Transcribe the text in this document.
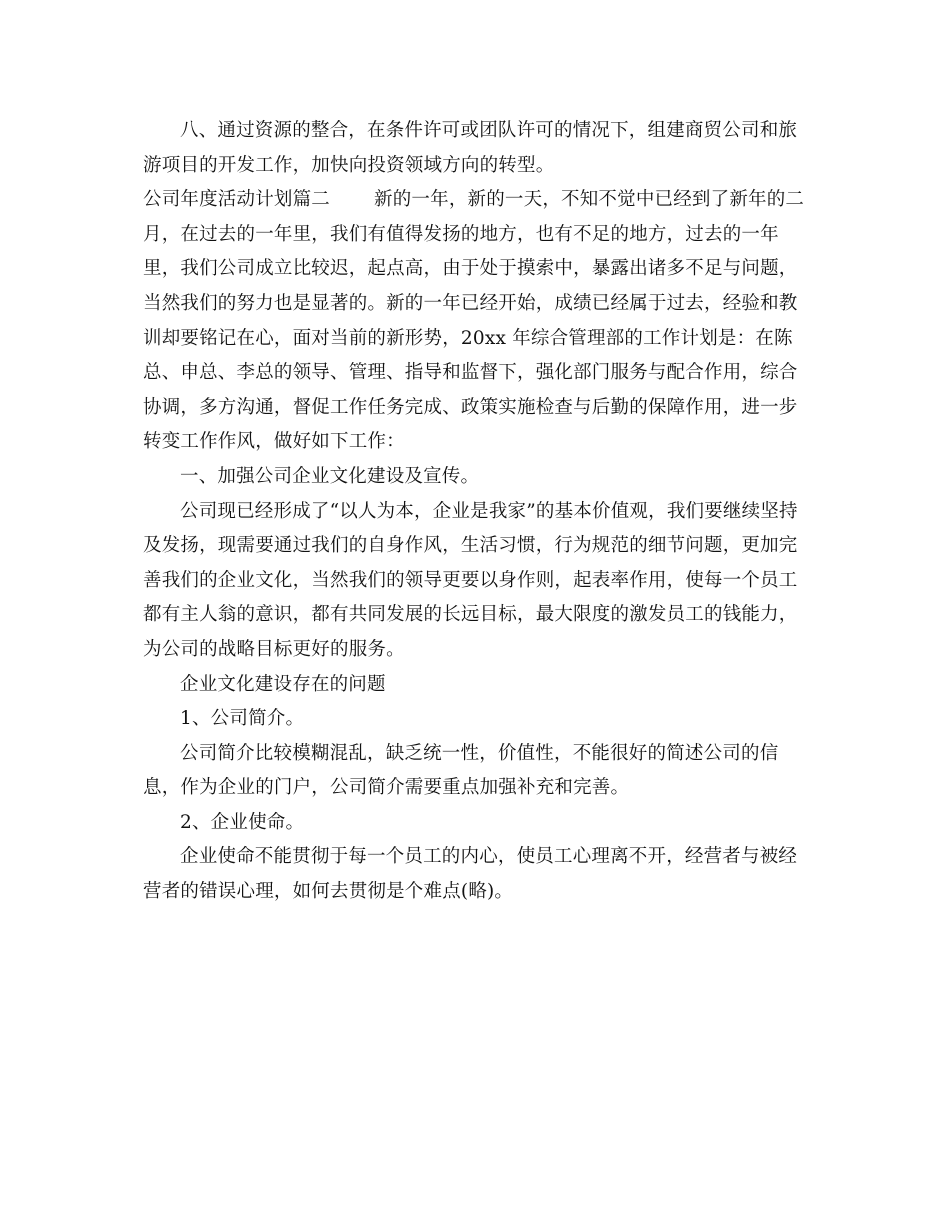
八、通过资源的整合，在条件许可或团队许可的情况下，组建商贸公司和旅游项目的开发工作，加快向投资领域方向的转型。

公司年度活动计划篇二 新的一年，新的一天，不知不觉中已经到了新年的二月，在过去的一年里，我们有值得发扬的地方，也有不足的地方，过去的一年里，我们公司成立比较迟，起点高，由于处于摸索中，暴露出诸多不足与问题，当然我们的努力也是显著的。新的一年已经开始，成绩已经属于过去，经验和教训却要铭记在心，面对当前的新形势，20xx 年综合管理部的工作计划是：在陈总、申总、李总的领导、管理、指导和监督下，强化部门服务与配合作用，综合协调，多方沟通，督促工作任务完成、政策实施检查与后勤的保障作用，进一步转变工作作风，做好如下工作：

一、加强公司企业文化建设及宣传。

公司现已经形成了“以人为本，企业是我家”的基本价值观，我们要继续坚持及发扬，现需要通过我们的自身作风，生活习惯，行为规范的细节问题，更加完善我们的企业文化，当然我们的领导更要以身作则，起表率作用，使每一个员工都有主人翁的意识，都有共同发展的长远目标，最大限度的激发员工的钱能力，为公司的战略目标更好的服务。

企业文化建设存在的问题

1、公司简介。

公司简介比较模糊混乱，缺乏统一性，价值性，不能很好的简述公司的信息，作为企业的门户，公司简介需要重点加强补充和完善。

2、企业使命。

企业使命不能贯彻于每一个员工的内心，使员工心理离不开，经营者与被经营者的错误心理，如何去贯彻是个难点(略)。
